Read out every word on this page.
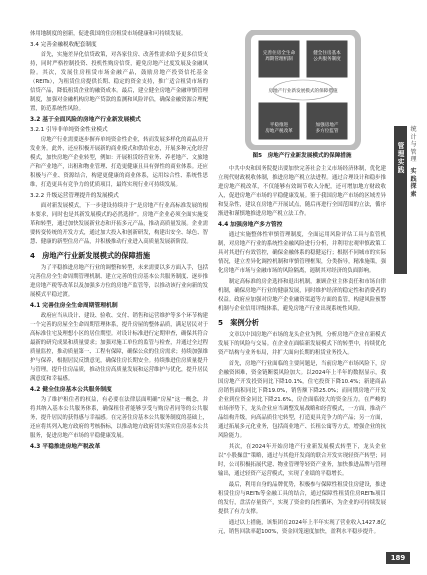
体用地制度的创新，促进我国的住房租赁市场健康和可持续发展。

3.4 完善金融税收配套制度

首先，实施差异化信贷政策，对各家住房、改善性需求给予更多信贷支持，同时严格控制投资、投机性购房信贷，避免房地产过度发展及金融风险。其次，发展住房租赁市场金融产品，鼓励房地产投资信托基金（REITs），为租赁住房提供长期、稳定的资金支持，推广适合租赁市场的信贷产品，降低租赁企业的融资成本。最后，建立健全房地产金融审慎管理制度，加强对金融机构房地产贷款的监测和风险评估，确保金融资源合理配置，防范系统性风险。

3.2 基于全面风险的房地产行业新发展模式
3.2.1 引导非单纯资金性业模式

房地产行业需要逐步摒弃单纯资金性企业，转而发展多样化的商品房开发业务。此外，还应积极开展新的商业模式和供给业态，开展多种元化经营模式，加快房地产企业转型，例如：开展租赁经营业务、养老地产、文旅地产和产业地产，出租和物业管理、打造更健康且具有弹性的商业体系。还应积极与产业、资源结合，构建更健康的商业体系，运用综合性、系统性思维，打造更具有竞争力的优质项目，最终实现行业可持续发展。

3.2.2 升级运营管理提升的发展模式

面对新发展模式，下一步建设持续并于“是房地产行业高标准发展的根本要求，同时也是其新发展模式的必然选择”。房地产企业必须全面实施变革和转型，通过加快发展新业态和开拓多元产品，推动高质量发展。企业需要转变传统的开发方式，通过加大投入和创新研发，构建出安全、绿色、智慧、健康的新型住房产品，并积极推动行业进入高质量发展新阶段。

4　房地产行业新发展模式的保障措施

为了平稳推进房地产行业的调整和转型，未来需要以多方面入手，包括完善住房全生命周期管理机制、建立完善的住房基本公共服务制度、逐步推进房地产税等改革以及加强多方位的房地产监管等，以推动该行业向新的发展模式平稳过渡。

4.1 完善住房全生命周期管理机制

政府应当从设计、建设、验收、交付、销售和运营维护等多个环节构建一个完善的房屋全生命周期管理体系，提升房屋的整体品质，满足居民对于高标准住宅及理想小区的居住期望。对设计标准进行定期审查，确保其符合最新的研究成果和质量要求；加强对施工单位的监管与检查，并通过全过程质量监控，推动质量第一、工程有保障，确保公众的住房需求；持续加强维护与保养，根据居民反馈意见，确保住房长期安全。持续推进住房质量提升与管理，提升住房品质，推动住房高质量发展和运营维护与优化，提升居民满意度和幸福感。

4.2 健全住房基本公共服务制度

为了维护租住者的权益，有必要在法律层面明确“房屋”这一概念，并将其纳入基本公共服务体系，确保租住者能够享受与购房者同等的公共服务，提升居民的获得感与幸福感。在完善住房基本公共服务制度的基础上，还应将其列入地方政府的考核指标，以推动地方政府切实落实住房基本公共服务，促进房地产市场的平稳健康发展。

4.3 平稳推进房地产税改革
完善住房全生命周期管理机制
健全住房基本公共服务制度
平稳推进房地产税改革
加强房地产多方位监管
房地产行业新发展模式的保障措施
图5　房地产行业新发展模式的保障措施

中共中央和国务院提出要加快完善社会主义市场经济体制，优化建立现代财政税收体制，推进房地产税立法进程。通过合理设计和稳步推进房地产税改革，不仅能够有效调节收入分配，还可增加地方财政收入，促进房地产市场的平稳健康发展。鉴于我国房地产市场的区域差异和复杂性，建议在房地产开展试点，随后再进行全国范围的立法，循序渐进和谨慎地推进房地产税立法工作。

4.4 加强房地产多方管控

通过实施整体性审慎管理制度，全面运用风险评估工具与监管机制，对房地产行业的系统性金融风险进行分析，并利用宏观审慎政策工具对其进行有效管控，确保金融体系的稳健运行；根据不同城市的实际情况，建立差异化调控机制和审慎管理框架，分类指导，精准施策，强化房地产市场与金融市场的风险隔离，遏制其对经济的负面影响。

制定高标准的房企选择和退出机制，兼顾企业主体责任和市场自律机制，确保房地产行业的健康发展，同时维护经济的稳定性和消费者的权益。政府应加强对房地产企业融资渠道等方面的监管，构建风险预警机制与企业信用评级体系，避免房地产行业出现系统性风险。

5　案例分析

文章以中国房地产市场的龙头企业为例，分析房地产企业在新模式发展下的风险与交易。在企业在面临新发展模式下的转型中，持续优化资产结构与业务布局，并扩大面向长期的租赁业务投入。

首先，房地产行业面临的主要问题是，当前房地产市场风险下，房企融资困难，资金链断裂风险加大。以2024年上半年的数据显示，我国房地产开发投资同比下降10.1%，住宅投资下降10.4%；新建商品房销售面积同比下降19.0%，销售额下降25.0%；而同期房地产开发企业到位资金同比下降21.6%，房企面临较大的资金压力。在严峻的市场形势下，龙头企业应当调整发展战略和经营模式，一方面，推动产品结构升级，向高品质住宅转型，打造更具竞争力的产品；另一方面，通过拓展多元化业务，包括商业地产、长租公寓等方式，增强企业的抗风险能力。

其次，在2024年开始房地产行业新发展模式转型下，龙头企业以“小股操盘”策略，通过与其他开发商的联合开发实现轻资产转型；同时，公司积极拓展代建、物业管理等轻资产业务，加快推进品牌与管理输出，通过轻资产运营模式，实现了业绩的平稳增长。

最后，利用自身的品牌优势，积极参与保障性租赁住房建设，推进租赁住房与REITs等金融工具的结合，通过保障性租赁住房REITs项目的发行，盘活存量资产，实现了资金的良性循环，为企业的可持续发展提供了有力支撑。

通过以上措施，该集团在2024年上半年实现了营业收入1427.8亿元，销售回款率超100%，资金回笼速度加快，盈利水平稳步提升。

管理实践
统计与管理
实践探索
189
